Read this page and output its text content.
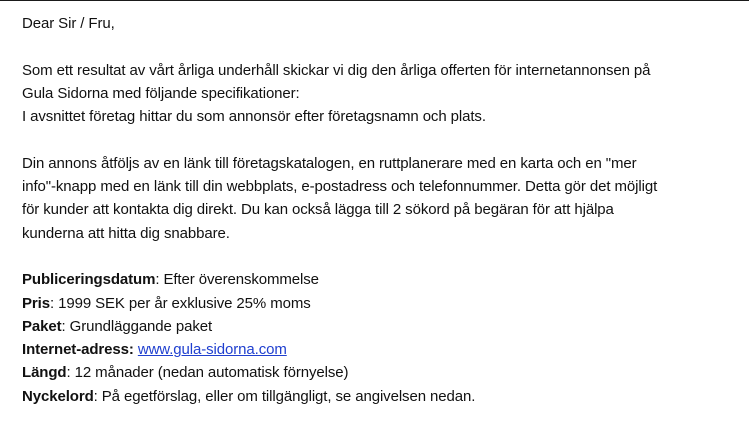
Dear Sir / Fru,
Som ett resultat av vårt årliga underhåll skickar vi dig den årliga offerten för internetannonsen på
Gula Sidorna med följande specifikationer:
I avsnittet företag hittar du som annonsör efter företagsnamn och plats.
Din annons åtföljs av en länk till företagskatalogen, en ruttplanerare med en karta och en "mer
info"-knapp med en länk till din webbplats, e-postadress och telefonnummer. Detta gör det möjligt
för kunder att kontakta dig direkt. Du kan också lägga till 2 sökord på begäran för att hjälpa
kunderna att hitta dig snabbare.
Publiceringsdatum: Efter överenskommelse
Pris: 1999 SEK per år exklusive 25% moms
Paket: Grundläggande paket
Internet-adress: www.gula-sidorna.com
Längd: 12 månader (nedan automatisk förnyelse)
Nyckelord: På egetförslag, eller om tillgängligt, se angivelsen nedan.
